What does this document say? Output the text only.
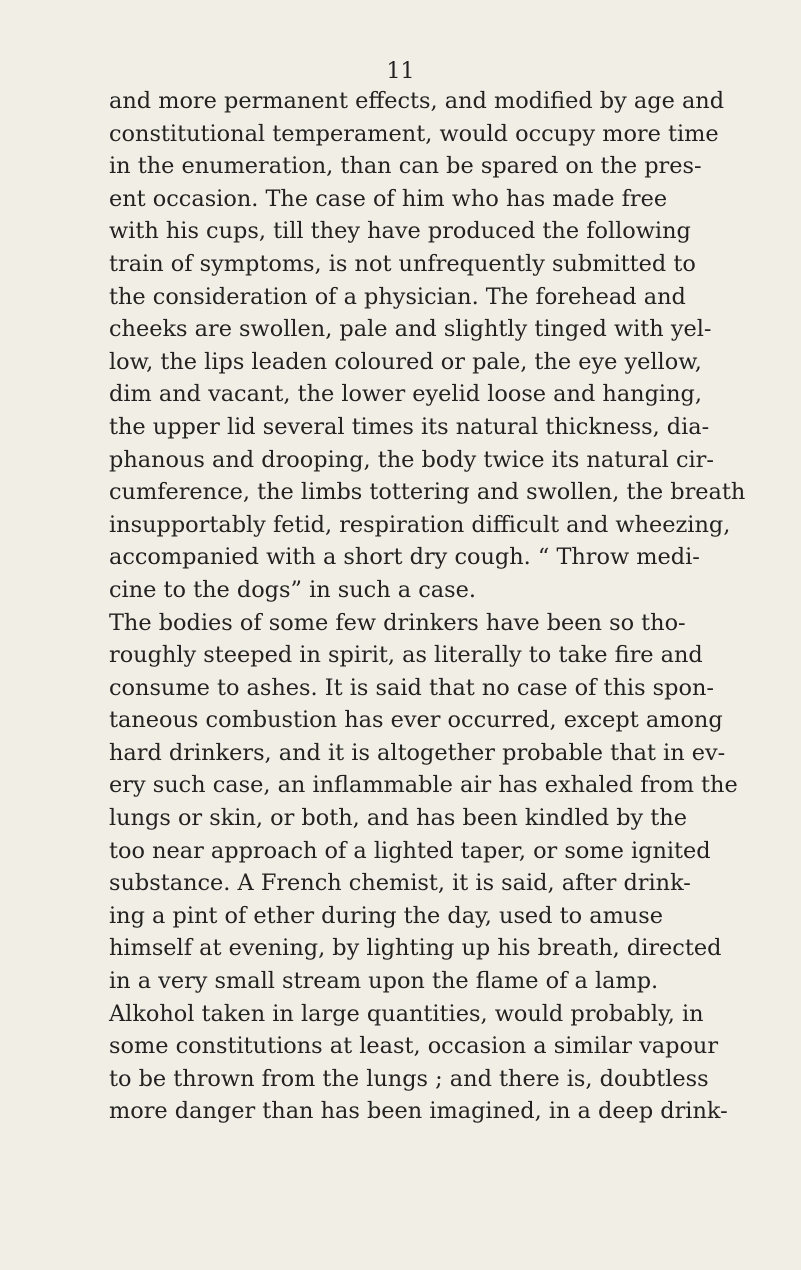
11
and more permanent effects, and modified by age and
constitutional temperament, would occupy more time
in the enumeration, than can be spared on the pres-
ent occasion. The case of him who has made free
with his cups, till they have produced the following
train of symptoms, is not unfrequently submitted to
the consideration of a physician. The forehead and
cheeks are swollen, pale and slightly tinged with yel-
low, the lips leaden coloured or pale, the eye yellow,
dim and vacant, the lower eyelid loose and hanging,
the upper lid several times its natural thickness, dia-
phanous and drooping, the body twice its natural cir-
cumference, the limbs tottering and swollen, the breath
insupportably fetid, respiration difficult and wheezing,
accompanied with a short dry cough. “ Throw medi-
cine to the dogs” in such a case.
The bodies of some few drinkers have been so tho-
roughly steeped in spirit, as literally to take fire and
consume to ashes. It is said that no case of this spon-
taneous combustion has ever occurred, except among
hard drinkers, and it is altogether probable that in ev-
ery such case, an inflammable air has exhaled from the
lungs or skin, or both, and has been kindled by the
too near approach of a lighted taper, or some ignited
substance. A French chemist, it is said, after drink-
ing a pint of ether during the day, used to amuse
himself at evening, by lighting up his breath, directed
in a very small stream upon the flame of a lamp.
Alkohol taken in large quantities, would probably, in
some constitutions at least, occasion a similar vapour
to be thrown from the lungs ; and there is, doubtless
more danger than has been imagined, in a deep drink-
